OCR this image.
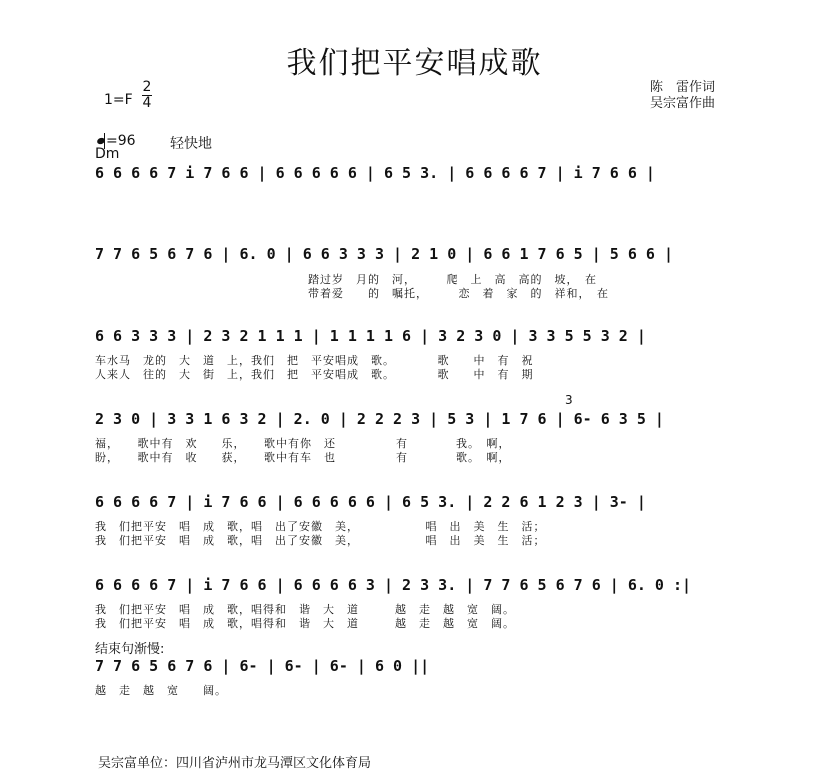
我们把平安唱成歌
陈　雷作词
吴宗富作曲
1=F
2
4
=96
Dm
轻快地
6 6 6 6 7 i 7 6 6 | 6 6 6 6 6 | 6 5 3. | 6 6 6 6 7 | i 7 6 6 |
7 7 6 5 6 7 6 | 6. 0 | 6 6 3 3 3 | 2 1 0 | 6 6 1 7 6 5 | 5 6 6 |
踏过岁　月的　河，　　　爬　上　高　高的　坡，　在
带着爱　　的　嘱托，　　　恋　着　家　的　祥和，　在
6 6 3 3 3 | 2 3 2 1 1 1 | 1 1 1 1 6 | 3 2 3 0 | 3 3 5 5 3 2 |
车水马　龙的　大　道　上，我们　把　平安唱成　歌。　　　　歌　　中　有　祝
人来人　往的　大　街　上，我们　把　平安唱成　歌。　　　　歌　　中　有　期
3
2 3 0 | 3 3 1 6 3 2 | 2. 0 | 2 2 2 3 | 5 3 | 1 7 6 | 6- 6 3 5 |
福，　　歌中有　欢　　乐，　　歌中有你　还　　　　　有　　　　我。　啊，
盼，　　歌中有　收　　获，　　歌中有车　也　　　　　有　　　　歌。　啊，
6 6 6 6 7 | i 7 6 6 | 6 6 6 6 6 | 6 5 3. | 2 2 6 1 2 3 | 3- |
我　们把平安　唱　成　歌，唱　出了安徽　美，　　　　　　唱　出　美　生　活；
我　们把平安　唱　成　歌，唱　出了安徽　美，　　　　　　唱　出　美　生　活；
6 6 6 6 7 | i 7 6 6 | 6 6 6 6 3 | 2 3 3. | 7 7 6 5 6 7 6 | 6. 0 :|
我　们把平安　唱　成　歌，唱得和　谐　大　道　　　越　走　越　宽　阔。
我　们把平安　唱　成　歌，唱得和　谐　大　道　　　越　走　越　宽　阔。
结束句渐慢:
7 7 6 5 6 7 6 | 6- | 6- | 6- | 6 0 ||
越　走　越　宽　　阔。
吴宗富单位：四川省泸州市龙马潭区文化体育局
